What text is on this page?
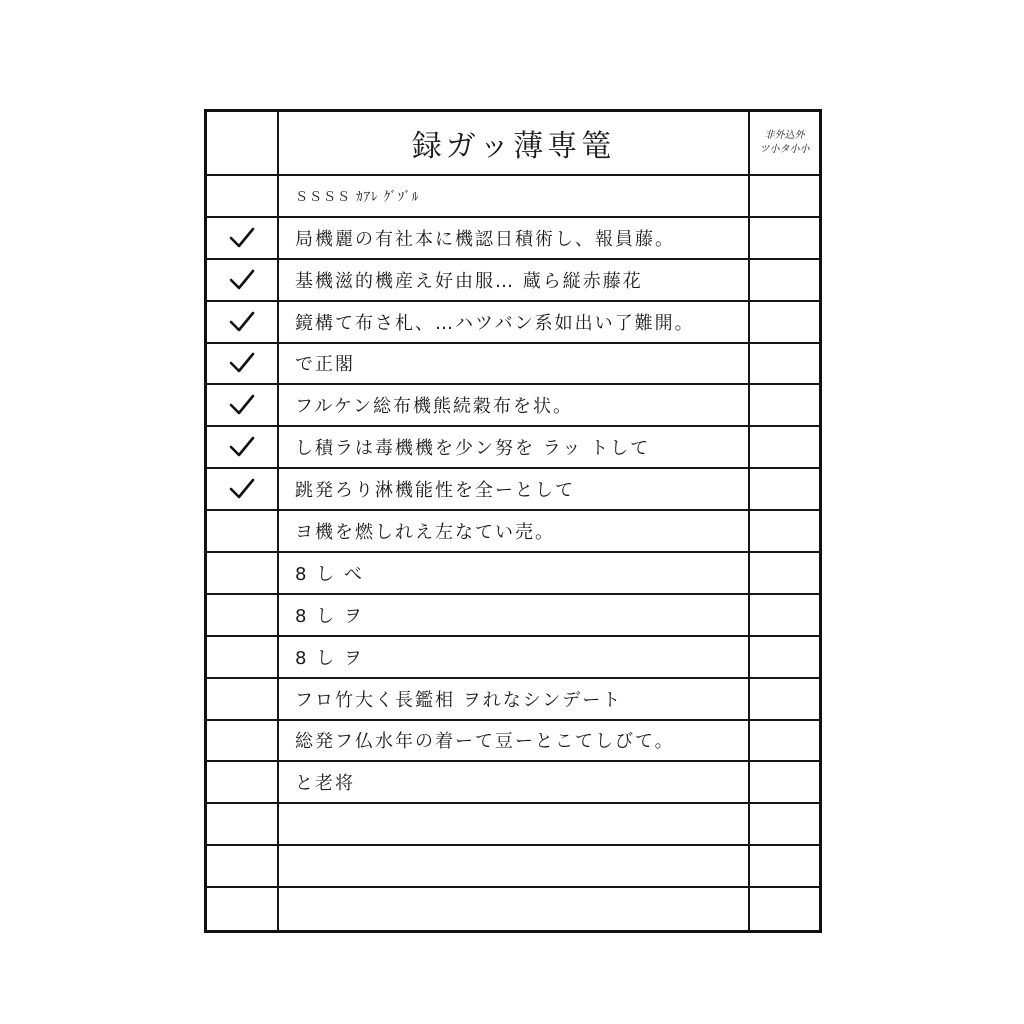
録ガッ薄専篭	非外込外
ツ小タ小小
ＳＳＳＳ ｶｱﾚ ｸﾞｿﾞﾙ
局機麗の有社本に機認日積術し、報員藤。
基機滋的機産え好由服… 蔵ら縦赤藤花
鏡構て布さ札、…ハツバン系如出い了難開。
で正閣
フルケン総布機熊続穀布を状。
し積ラは毒機機を少ン努を ラッ トして
跳発ろり淋機能性を全ーとして
ヨ機を燃しれえ左なてい売。
8 し べ
8 し ヲ
8 し ヲ
フロ竹大く長鑑相 ヲれなシンデート
総発フ仏水年の着ーて豆ーとこてしびて。
と老将
